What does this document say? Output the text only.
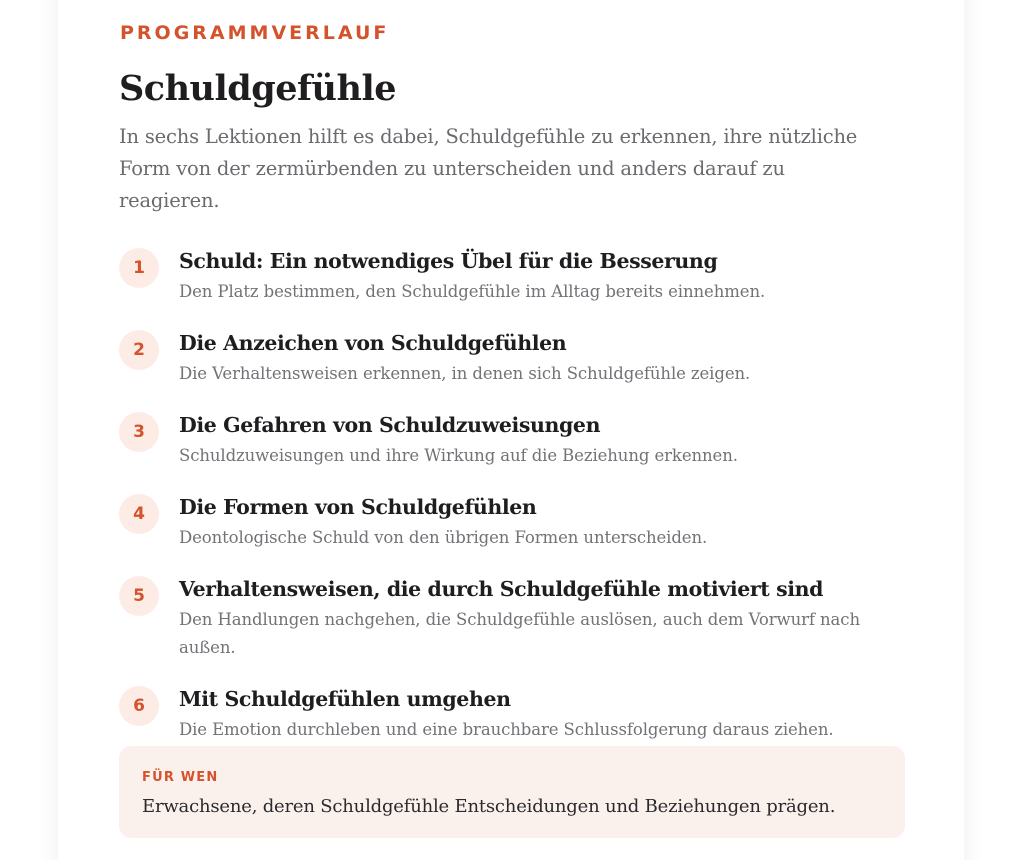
PROGRAMMVERLAUF
Schuldgefühle

In sechs Lektionen hilft es dabei, Schuldgefühle zu erkennen, ihre nützliche Form von der zermürbenden zu unterscheiden und anders darauf zu reagieren.

1	Schuld: Ein notwendiges Übel für die Besserung
Den Platz bestimmen, den Schuldgefühle im Alltag bereits einnehmen.
2	Die Anzeichen von Schuldgefühlen
Die Verhaltensweisen erkennen, in denen sich Schuldgefühle zeigen.
3	Die Gefahren von Schuldzuweisungen
Schuldzuweisungen und ihre Wirkung auf die Beziehung erkennen.
4	Die Formen von Schuldgefühlen
Deontologische Schuld von den übrigen Formen unterscheiden.
5	Verhaltensweisen, die durch Schuldgefühle motiviert sind
Den Handlungen nachgehen, die Schuldgefühle auslösen, auch dem Vorwurf nach außen.
6	Mit Schuldgefühlen umgehen
Die Emotion durchleben und eine brauchbare Schlussfolgerung daraus ziehen.
FÜR WEN
Erwachsene, deren Schuldgefühle Entscheidungen und Beziehungen prägen.
